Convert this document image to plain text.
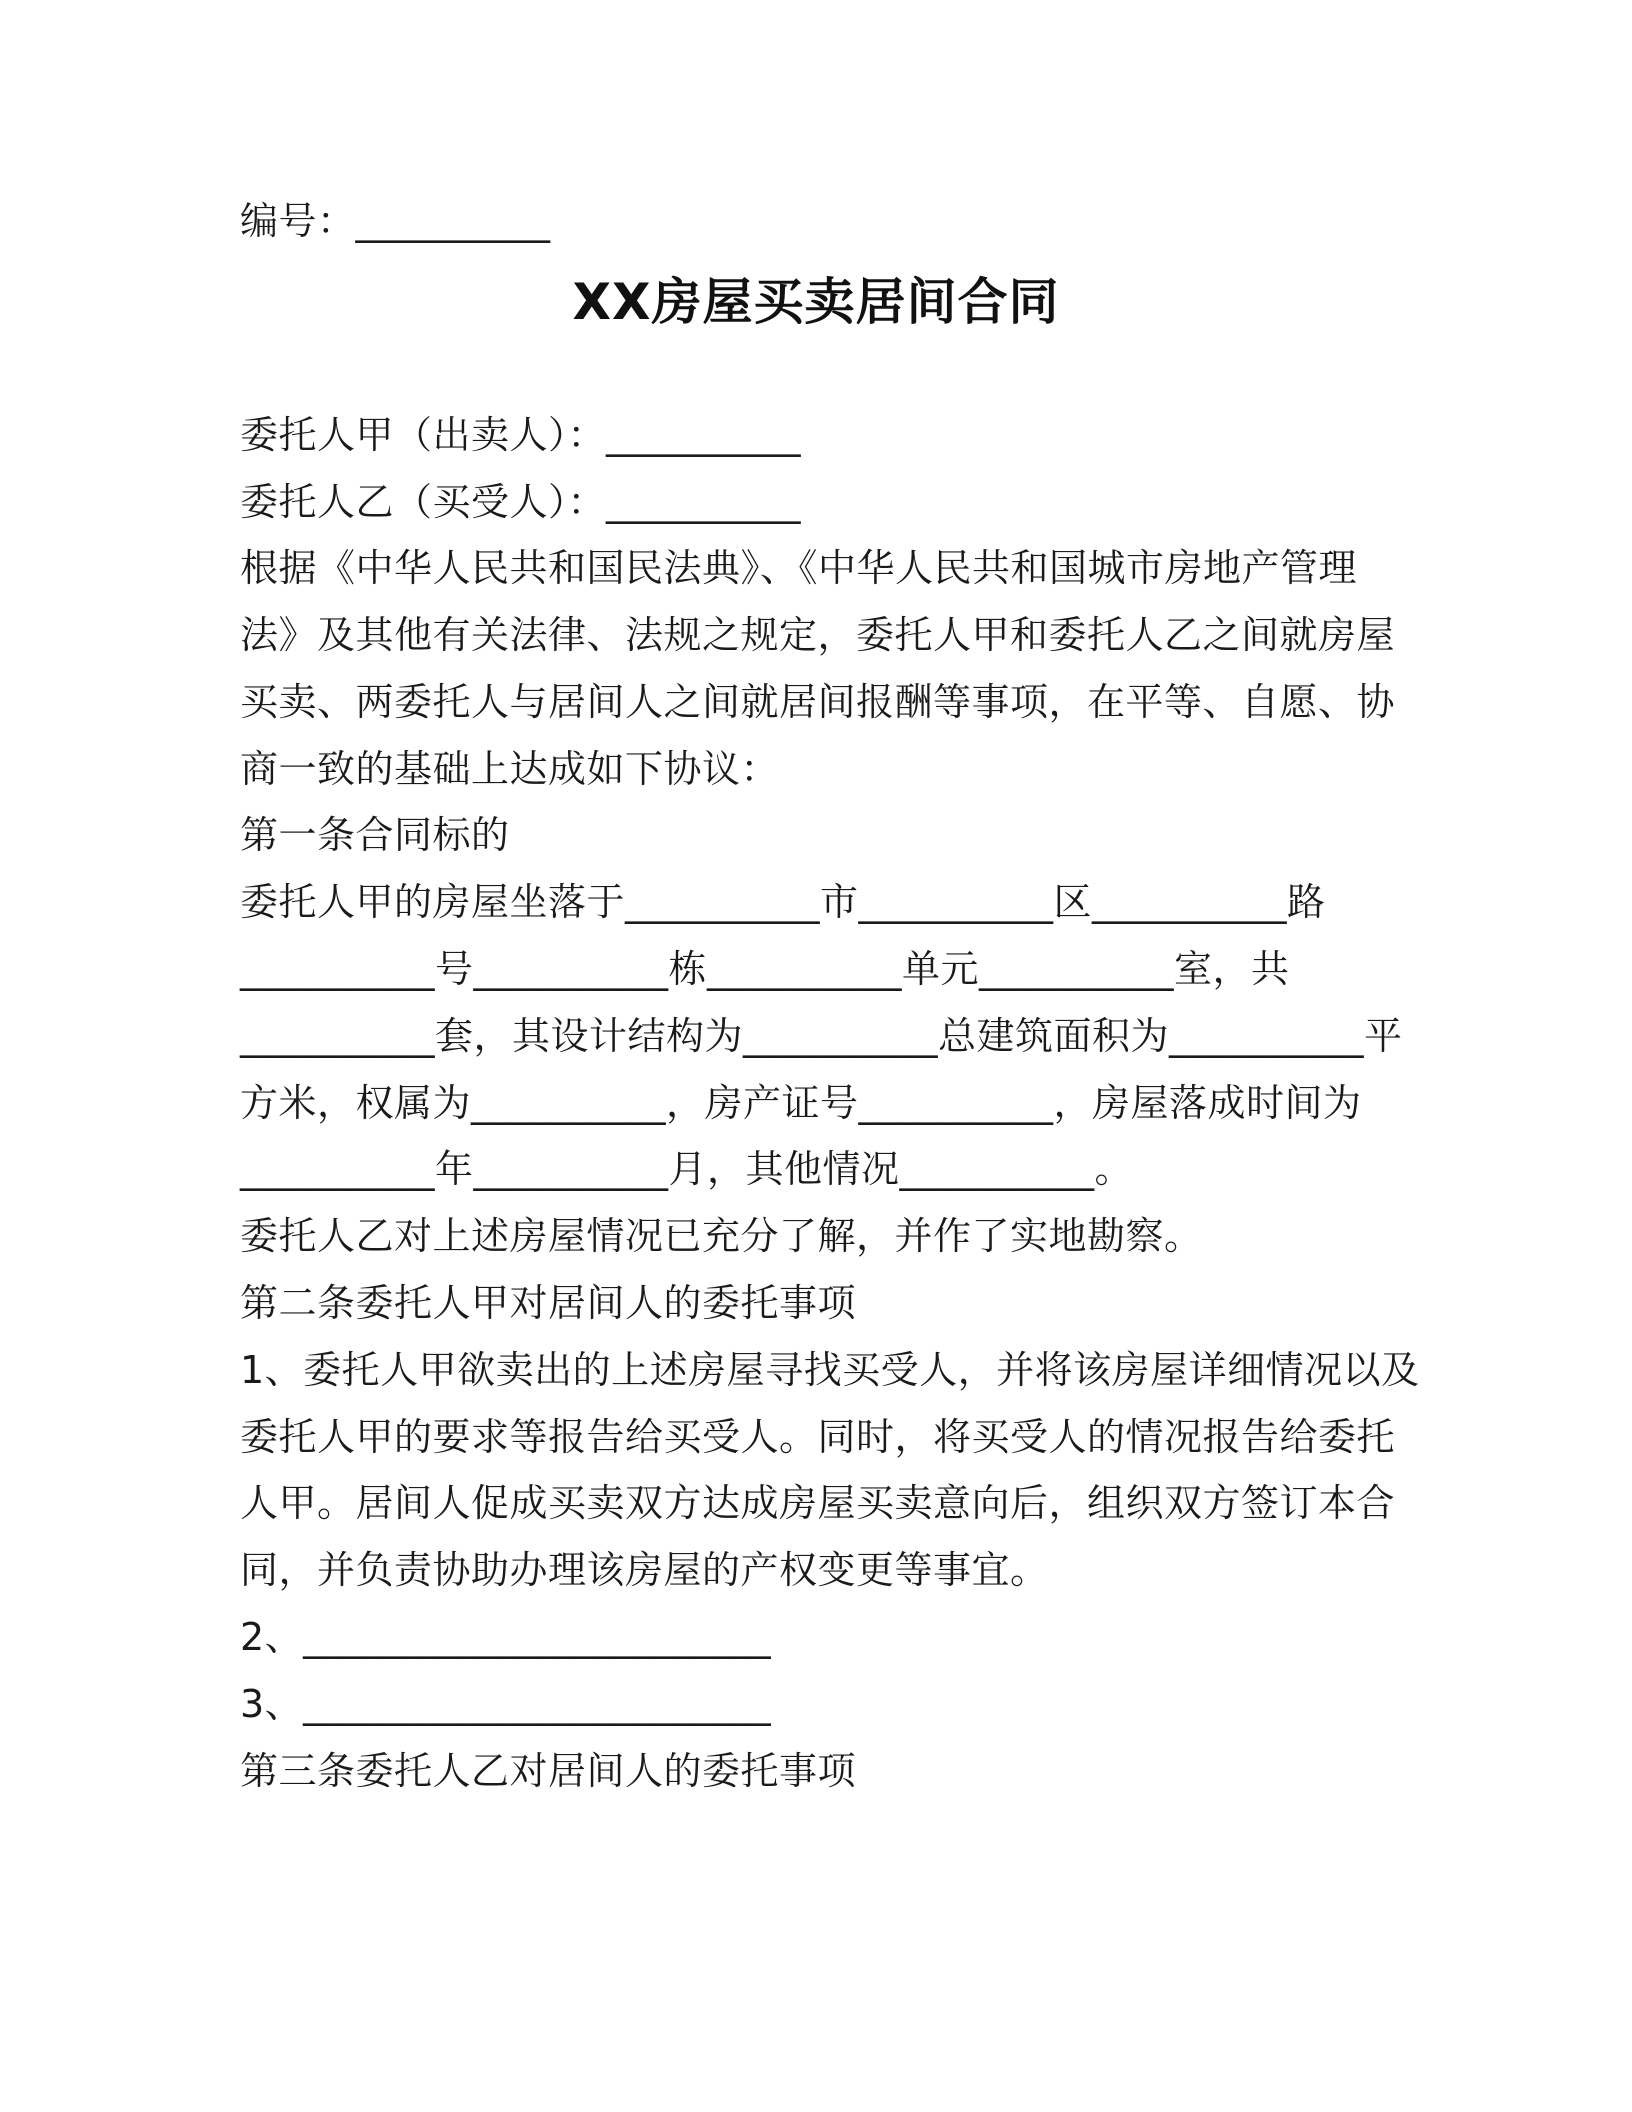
编号：__________
XX房屋买卖居间合同
委托人甲（出卖人）：__________
委托人乙（买受人）：__________
根据《中华人民共和国民法典》、《中华人民共和国城市房地产管理
法》及其他有关法律、法规之规定，委托人甲和委托人乙之间就房屋
买卖、两委托人与居间人之间就居间报酬等事项，在平等、自愿、协
商一致的基础上达成如下协议：
第一条合同标的
委托人甲的房屋坐落于__________市__________区__________路
__________号__________栋__________单元__________室，共
__________套，其设计结构为__________总建筑面积为__________平
方米，权属为__________，房产证号__________，房屋落成时间为
__________年__________月，其他情况__________。
委托人乙对上述房屋情况已充分了解，并作了实地勘察。
第二条委托人甲对居间人的委托事项
1、委托人甲欲卖出的上述房屋寻找买受人，并将该房屋详细情况以及
委托人甲的要求等报告给买受人。同时，将买受人的情况报告给委托
人甲。居间人促成买卖双方达成房屋买卖意向后，组织双方签订本合
同，并负责协助办理该房屋的产权变更等事宜。
2、________________________
3、________________________
第三条委托人乙对居间人的委托事项
